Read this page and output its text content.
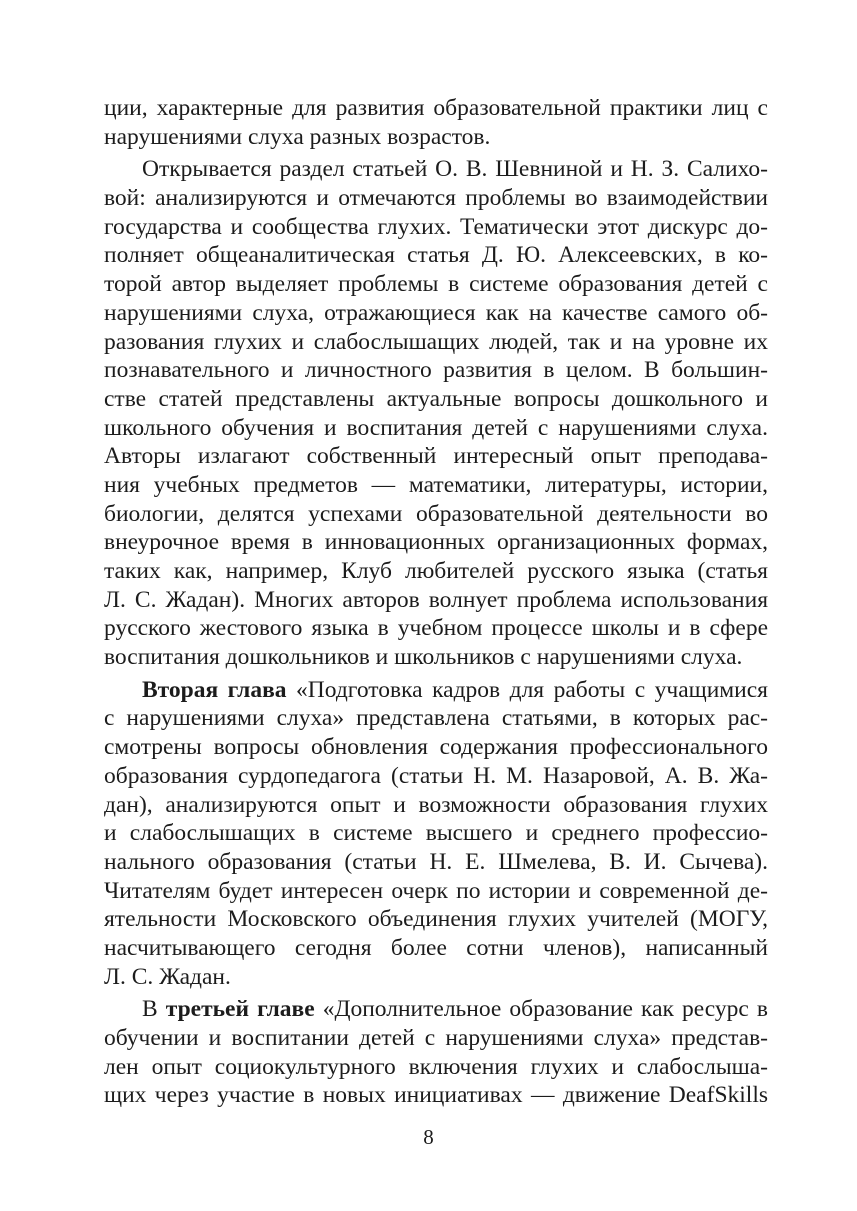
ции, характерные для развития образовательной практики лиц с
нарушениями слуха разных возрастов.
Открывается раздел статьей О. В. Шевниной и Н. З. Салихо-
вой: анализируются и отмечаются проблемы во взаимодействии
государства и сообщества глухих. Тематически этот дискурс до-
полняет общеаналитическая статья Д. Ю. Алексеевских, в ко-
торой автор выделяет проблемы в системе образования детей с
нарушениями слуха, отражающиеся как на качестве самого об-
разования глухих и слабослышащих людей, так и на уровне их
познавательного и личностного развития в целом. В большин-
стве статей представлены актуальные вопросы дошкольного и
школьного обучения и воспитания детей с нарушениями слуха.
Авторы излагают собственный интересный опыт преподава-
ния учебных предметов — математики, литературы, истории,
биологии, делятся успехами образовательной деятельности во
внеурочное время в инновационных организационных формах,
таких как, например, Клуб любителей русского языка (статья
Л. С. Жадан). Многих авторов волнует проблема использования
русского жестового языка в учебном процессе школы и в сфере
воспитания дошкольников и школьников с нарушениями слуха.
Вторая глава «Подготовка кадров для работы с учащимися
с нарушениями слуха» представлена статьями, в которых рас-
смотрены вопросы обновления содержания профессионального
образования сурдопедагога (статьи Н. М. Назаровой, А. В. Жа-
дан), анализируются опыт и возможности образования глухих
и слабослышащих в системе высшего и среднего профессио-
нального образования (статьи Н. Е. Шмелева, В. И. Сычева).
Читателям будет интересен очерк по истории и современной де-
ятельности Московского объединения глухих учителей (МОГУ,
насчитывающего сегодня более сотни членов), написанный
Л. С. Жадан.
В третьей главе «Дополнительное образование как ресурс в
обучении и воспитании детей с нарушениями слуха» представ-
лен опыт социокультурного включения глухих и слабослыша-
щих через участие в новых инициативах — движение DeafSkills
8
